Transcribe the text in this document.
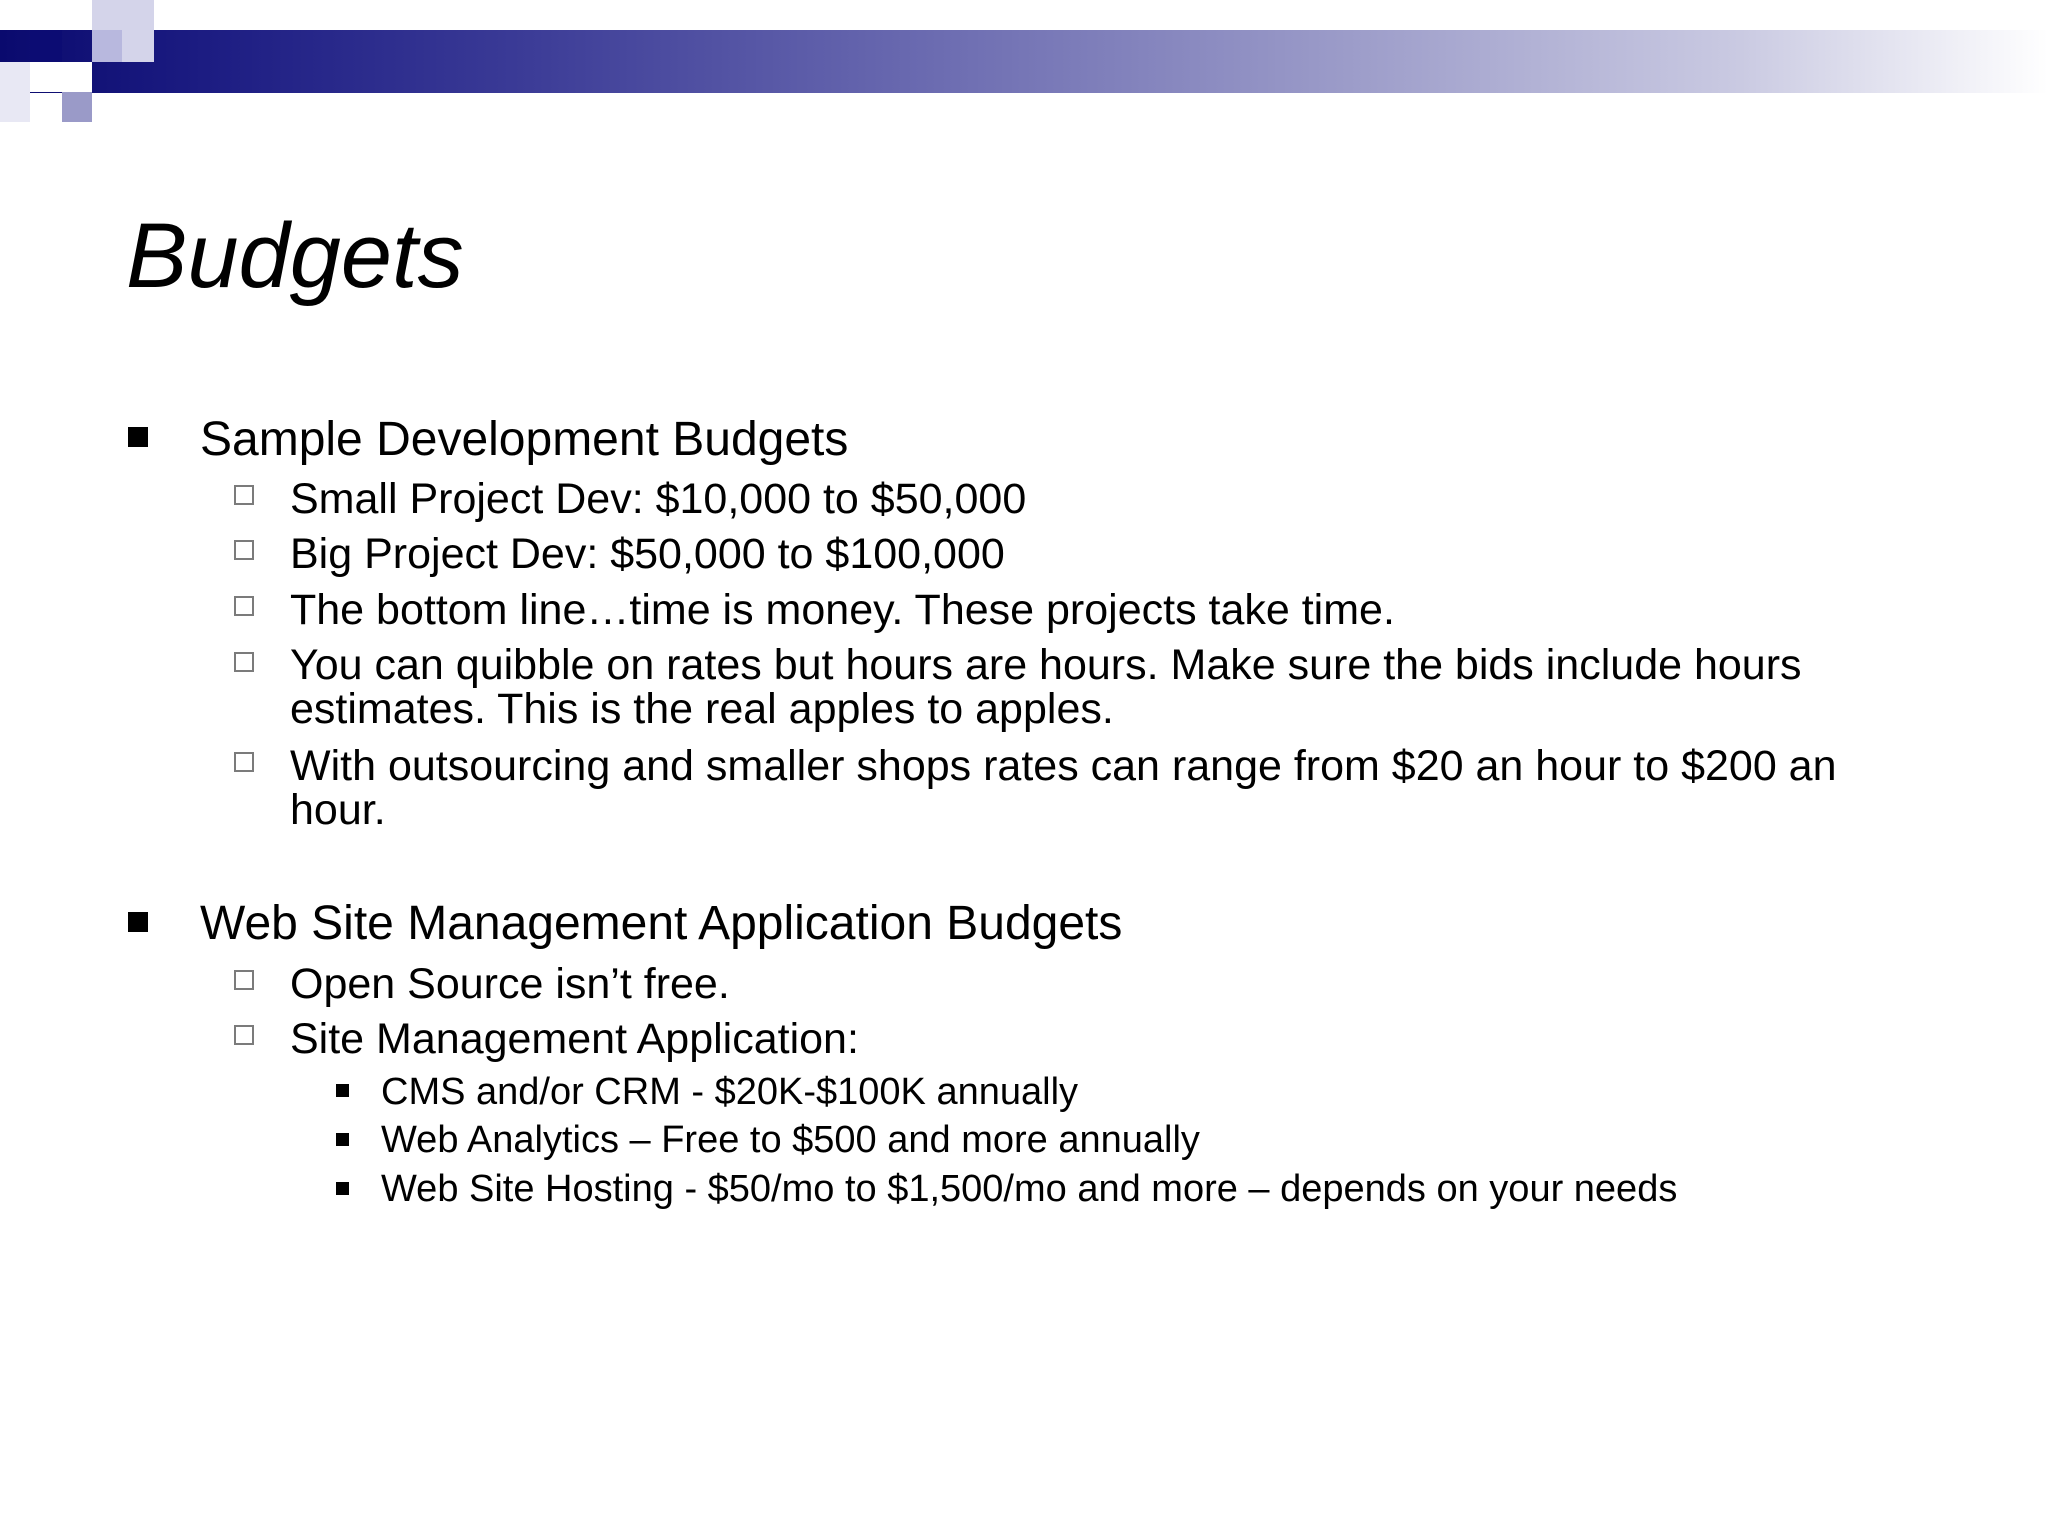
Budgets
Sample Development Budgets
Small Project Dev: $10,000 to $50,000
Big Project Dev: $50,000 to $100,000
The bottom line…time is money. These projects take time.
You can quibble on rates but hours are hours. Make sure the bids include hours
estimates. This is the real apples to apples.
With outsourcing and smaller shops rates can range from $20 an hour to $200 an
hour.
Web Site Management Application Budgets
Open Source isn’t free.
Site Management Application:
CMS and/or CRM - $20K-$100K annually
Web Analytics – Free to $500 and more annually
Web Site Hosting - $50/mo to $1,500/mo and more – depends on your needs
